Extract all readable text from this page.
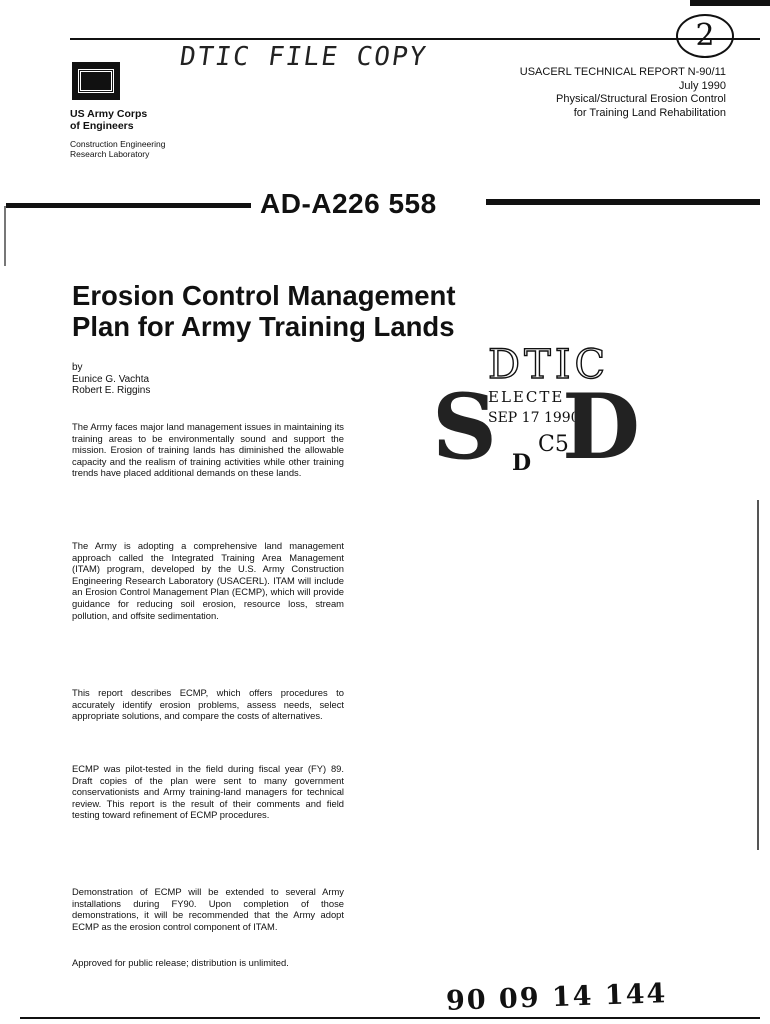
2
DTIC FILE COPY
US Army Corps
of Engineers
Construction Engineering
Research Laboratory
USACERL TECHNICAL REPORT N-90/11
July 1990
Physical/Structural Erosion Control
for Training Land Rehabilitation
AD-A226 558
Erosion Control Management
Plan for Army Training Lands
by
Eunice G. Vachta
Robert E. Riggins
The Army faces major land management issues in maintaining its training areas to be environmentally sound and support the mission. Erosion of training lands has diminished the allowable capacity and the realism of training activities while other training trends have placed additional demands on these lands.
The Army is adopting a comprehensive land management approach called the Integrated Training Area Management (ITAM) program, developed by the U.S. Army Construction Engineering Research Laboratory (USACERL). ITAM will include an Erosion Control Management Plan (ECMP), which will provide guidance for reducing soil erosion, resource loss, stream pollution, and offsite sedimentation.
This report describes ECMP, which offers procedures to accurately identify erosion problems, assess needs, select appropriate solutions, and compare the costs of alternatives.
ECMP was pilot-tested in the field during fiscal year (FY) 89. Draft copies of the plan were sent to many government conservationists and Army training-land managers for technical review. This report is the result of their comments and field testing toward refinement of ECMP procedures.
Demonstration of ECMP will be extended to several Army installations during FY90. Upon completion of those demonstrations, it will be recommended that the Army adopt ECMP as the erosion control component of ITAM.
Approved for public release; distribution is unlimited.
DTIC
S
ELECTE
SEP 17 1990
C5
D D
90 09 14 144
